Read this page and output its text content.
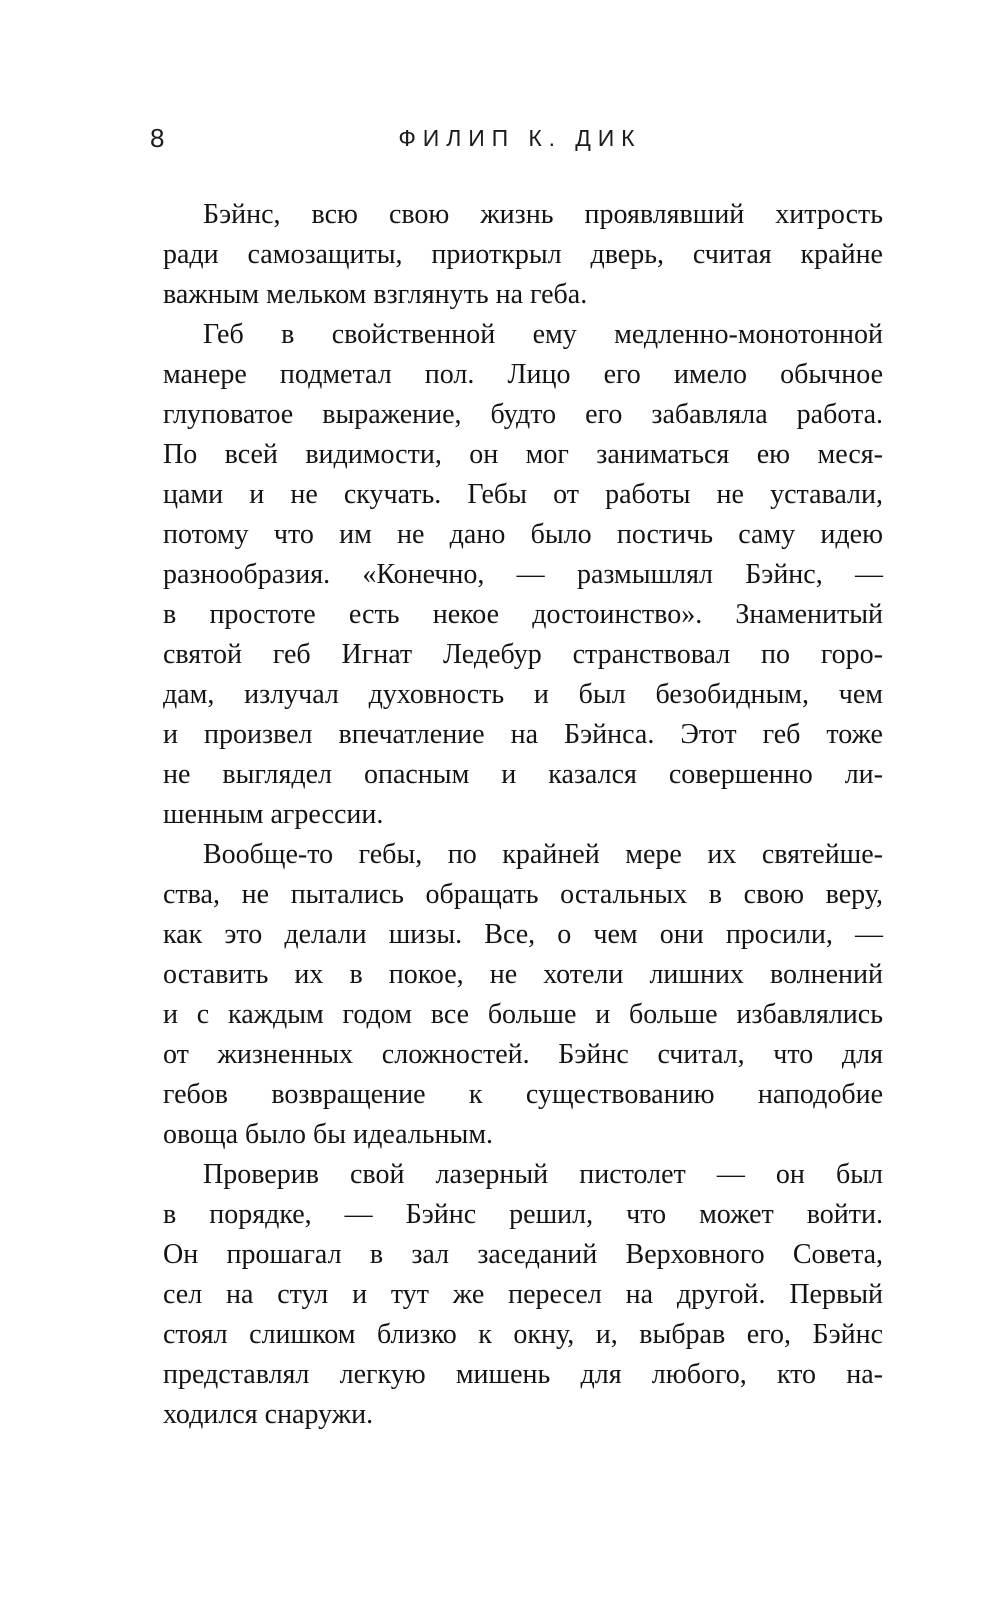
8	ФИЛИП К. ДИК
Бэйнс, всю свою жизнь проявлявший хитрость
ради самозащиты, приоткрыл дверь, считая крайне
важным мельком взглянуть на геба.
Геб в свойственной ему медленно-монотонной
манере подметал пол. Лицо его имело обычное
глуповатое выражение, будто его забавляла работа.
По всей видимости, он мог заниматься ею меся-
цами и не скучать. Гебы от работы не уставали,
потому что им не дано было постичь саму идею
разнообразия. «Конечно, — размышлял Бэйнс, —
в простоте есть некое достоинство». Знаменитый
святой геб Игнат Ледебур странствовал по горо-
дам, излучал духовность и был безобидным, чем
и произвел впечатление на Бэйнса. Этот геб тоже
не выглядел опасным и казался совершенно ли-
шенным агрессии.
Вообще-то гебы, по крайней мере их святейше-
ства, не пытались обращать остальных в свою веру,
как это делали шизы. Все, о чем они просили, —
оставить их в покое, не хотели лишних волнений
и с каждым годом все больше и больше избавлялись
от жизненных сложностей. Бэйнс считал, что для
гебов возвращение к существованию наподобие
овоща было бы идеальным.
Проверив свой лазерный пистолет — он был
в порядке, — Бэйнс решил, что может войти.
Он прошагал в зал заседаний Верховного Совета,
сел на стул и тут же пересел на другой. Первый
стоял слишком близко к окну, и, выбрав его, Бэйнс
представлял легкую мишень для любого, кто на-
ходился снаружи.
